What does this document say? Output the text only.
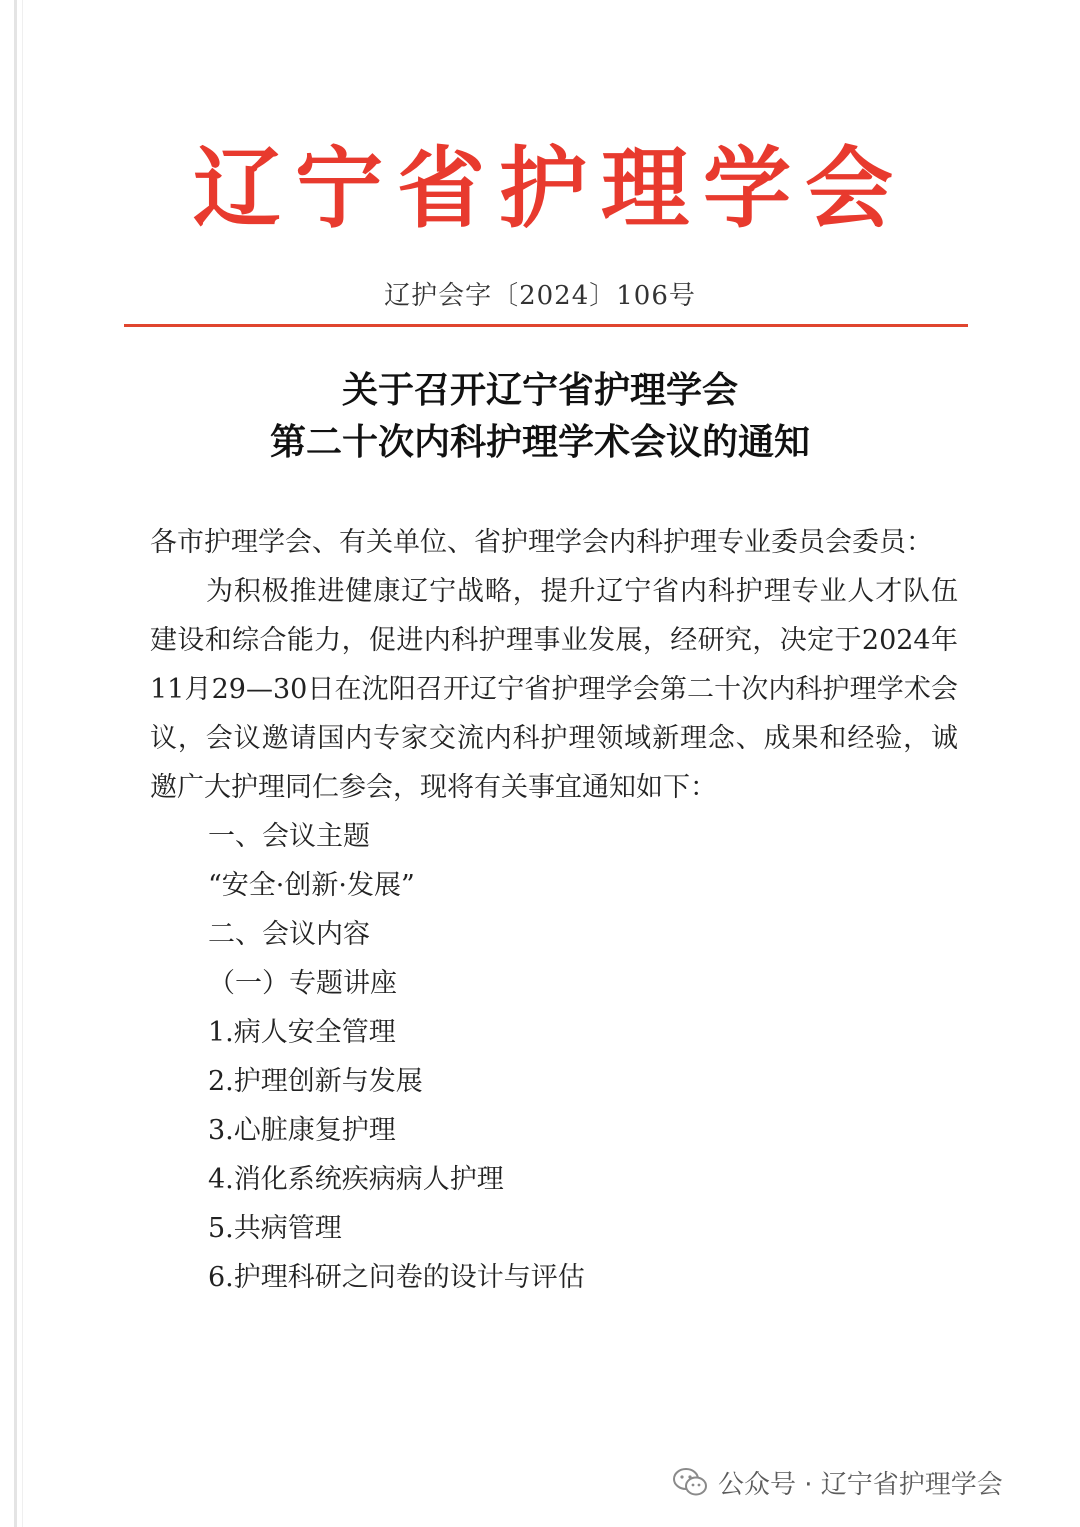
辽宁省护理学会
辽护会字〔2024〕106号
关于召开辽宁省护理学会
第二十次内科护理学术会议的通知

各市护理学会、有关单位、省护理学会内科护理专业委员会委员：

为积极推进健康辽宁战略，提升辽宁省内科护理专业人才队伍建设和综合能力，促进内科护理事业发展，经研究，决定于2024年11月29—30日在沈阳召开辽宁省护理学会第二十次内科护理学术会议，会议邀请国内专家交流内科护理领域新理念、成果和经验，诚邀广大护理同仁参会，现将有关事宜通知如下：

一、会议主题

“安全·创新·发展”

二、会议内容

（一）专题讲座

1.病人安全管理

2.护理创新与发展

3.心脏康复护理

4.消化系统疾病病人护理

5.共病管理

6.护理科研之问卷的设计与评估

公众号 · 辽宁省护理学会
